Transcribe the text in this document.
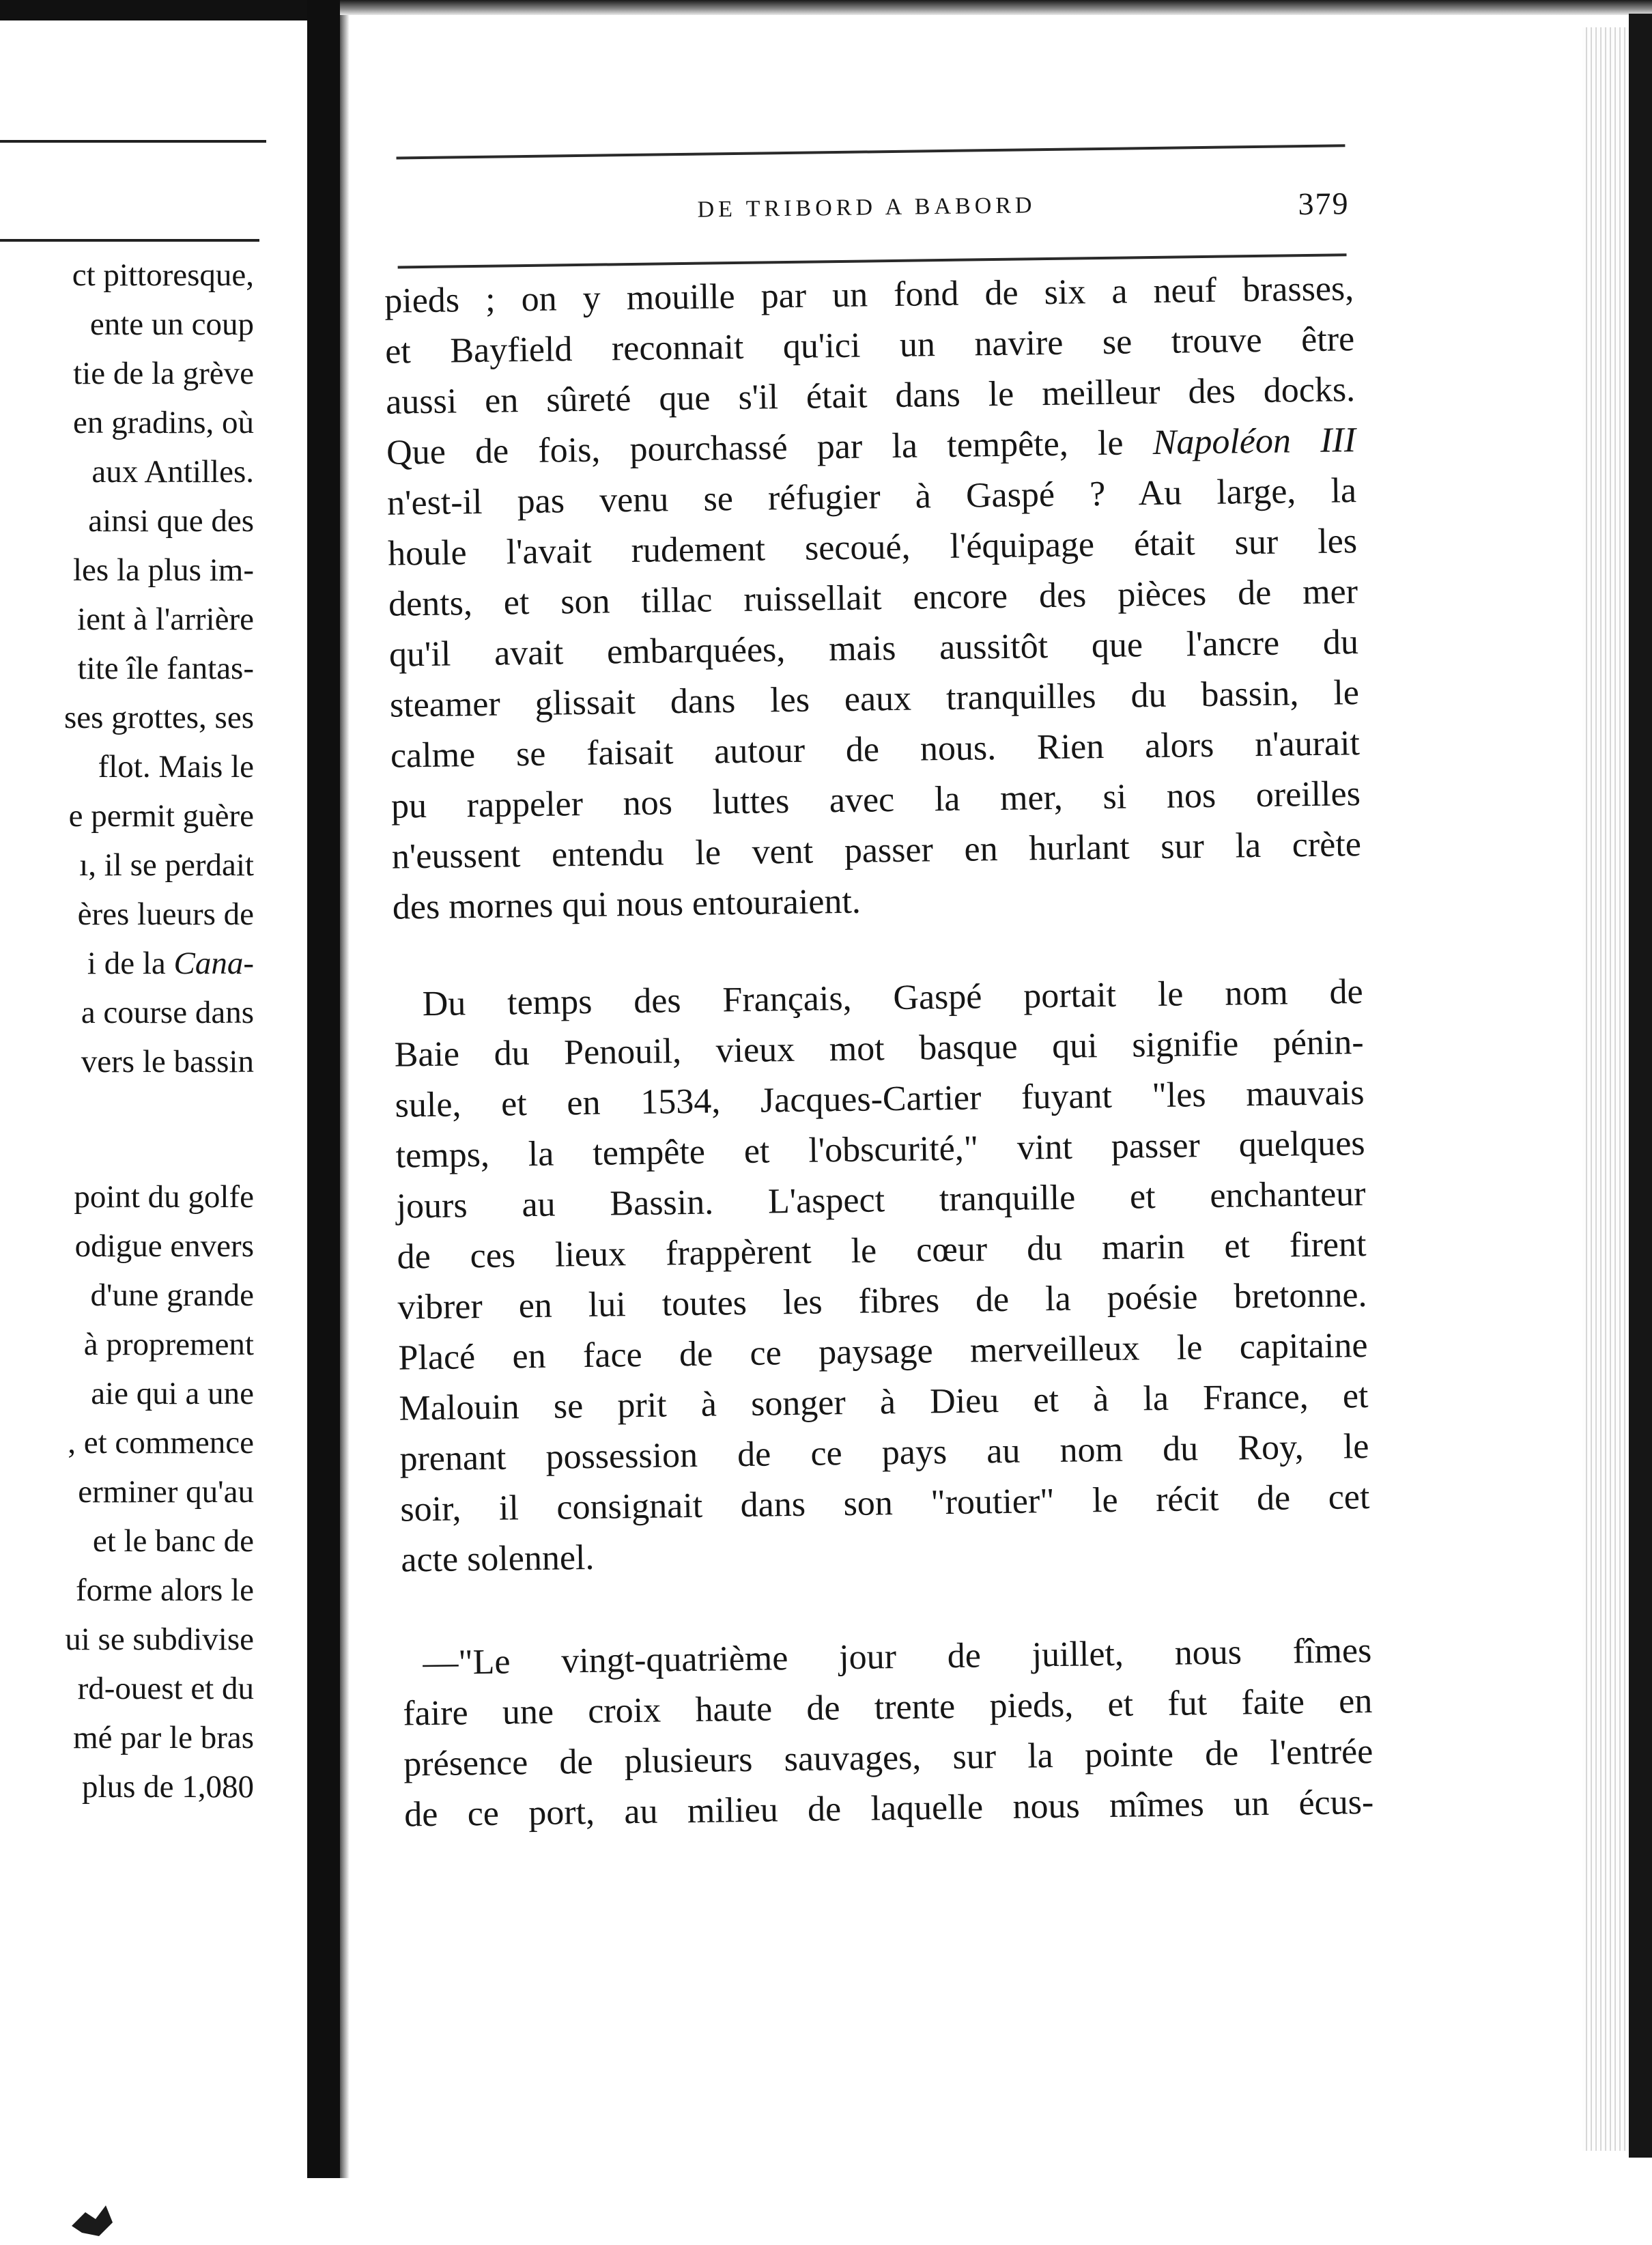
ct pittoresque,
ente un coup
tie de la grève
en gradins, où
aux Antilles.
ainsi que des
les la plus im-
ient à l'arrière
tite île fantas-
ses grottes, ses
flot. Mais le
e permit guère
ı, il se perdait
ères lueurs de
i de la Cana-
a course dans
vers le bassin
point du golfe
odigue envers
d'une grande
à proprement
aie qui a une
, et commence
erminer qu'au
et le banc de
forme alors le
ui se subdivise
rd-ouest et du
mé par le bras
plus de 1,080
DE TRIBORD A BABORD	379
pieds ; on y mouille par un fond de six a neuf brasses,
et Bayfield reconnait qu'ici un navire se trouve être
aussi en sûreté que s'il était dans le meilleur des docks.
Que de fois, pourchassé par la tempête, le Napoléon III
n'est-il pas venu se réfugier à Gaspé ? Au large, la
houle l'avait rudement secoué, l'équipage était sur les
dents, et son tillac ruissellait encore des pièces de mer
qu'il avait embarquées, mais aussitôt que l'ancre du
steamer glissait dans les eaux tranquilles du bassin, le
calme se faisait autour de nous. Rien alors n'aurait
pu rappeler nos luttes avec la mer, si nos oreilles
n'eussent entendu le vent passer en hurlant sur la crète
des mornes qui nous entouraient.
Du temps des Français, Gaspé portait le nom de
Baie du Penouil, vieux mot basque qui signifie pénin-
sule, et en 1534, Jacques-Cartier fuyant "les mauvais
temps, la tempête et l'obscurité," vint passer quelques
jours au Bassin. L'aspect tranquille et enchanteur
de ces lieux frappèrent le cœur du marin et firent
vibrer en lui toutes les fibres de la poésie bretonne.
Placé en face de ce paysage merveilleux le capitaine
Malouin se prit à songer à Dieu et à la France, et
prenant possession de ce pays au nom du Roy, le
soir, il consignait dans son "routier" le récit de cet
acte solennel.
—"Le vingt-quatrième jour de juillet, nous fîmes
faire une croix haute de trente pieds, et fut faite en
présence de plusieurs sauvages, sur la pointe de l'entrée
de ce port, au milieu de laquelle nous mîmes un écus-
